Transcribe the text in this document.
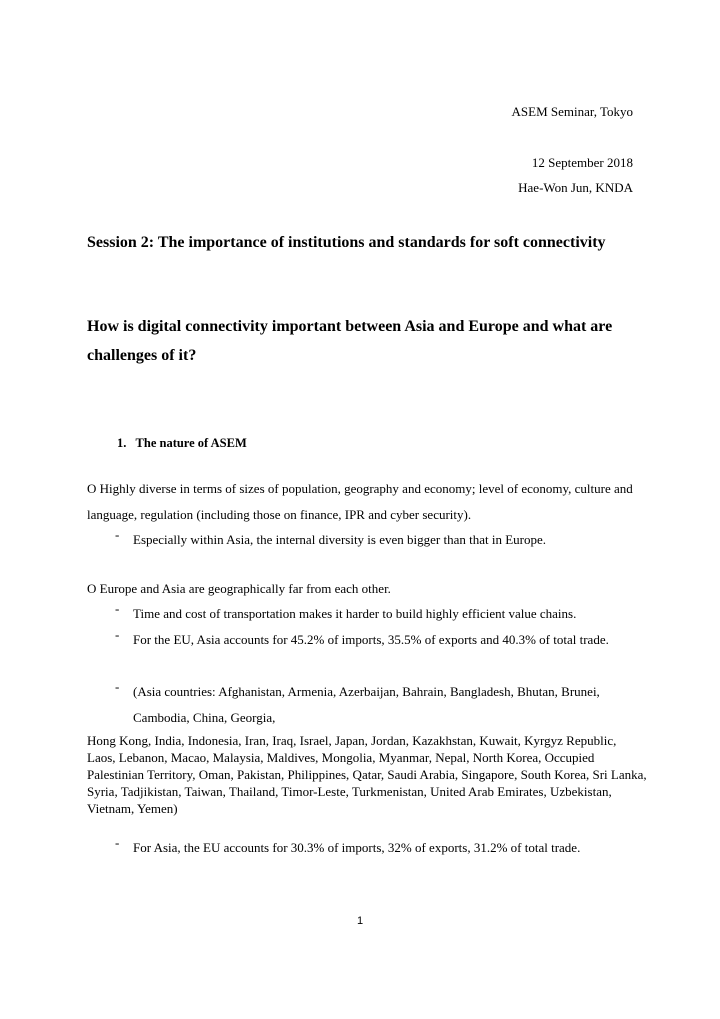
ASEM Seminar, Tokyo
12 September 2018
Hae-Won Jun, KNDA
Session 2: The importance of institutions and standards for soft connectivity
How is digital connectivity important between Asia and Europe and what are challenges of it?
1. The nature of ASEM
O Highly diverse in terms of sizes of population, geography and economy; level of economy, culture and language, regulation (including those on finance, IPR and cyber security).
- Especially within Asia, the internal diversity is even bigger than that in Europe.
O Europe and Asia are geographically far from each other.
- Time and cost of transportation makes it harder to build highly efficient value chains.
- For the EU, Asia accounts for 45.2% of imports, 35.5% of exports and 40.3% of total trade.
- (Asia countries: Afghanistan, Armenia, Azerbaijan, Bahrain, Bangladesh, Bhutan, Brunei, Cambodia, China, Georgia,
Hong Kong, India, Indonesia, Iran, Iraq, Israel, Japan, Jordan, Kazakhstan, Kuwait, Kyrgyz Republic, Laos, Lebanon, Macao, Malaysia, Maldives, Mongolia, Myanmar, Nepal, North Korea, Occupied Palestinian Territory, Oman, Pakistan, Philippines, Qatar, Saudi Arabia, Singapore, South Korea, Sri Lanka, Syria, Tadjikistan, Taiwan, Thailand, Timor-Leste, Turkmenistan, United Arab Emirates, Uzbekistan, Vietnam, Yemen)
- For Asia, the EU accounts for 30.3% of imports, 32% of exports, 31.2% of total trade.
1
